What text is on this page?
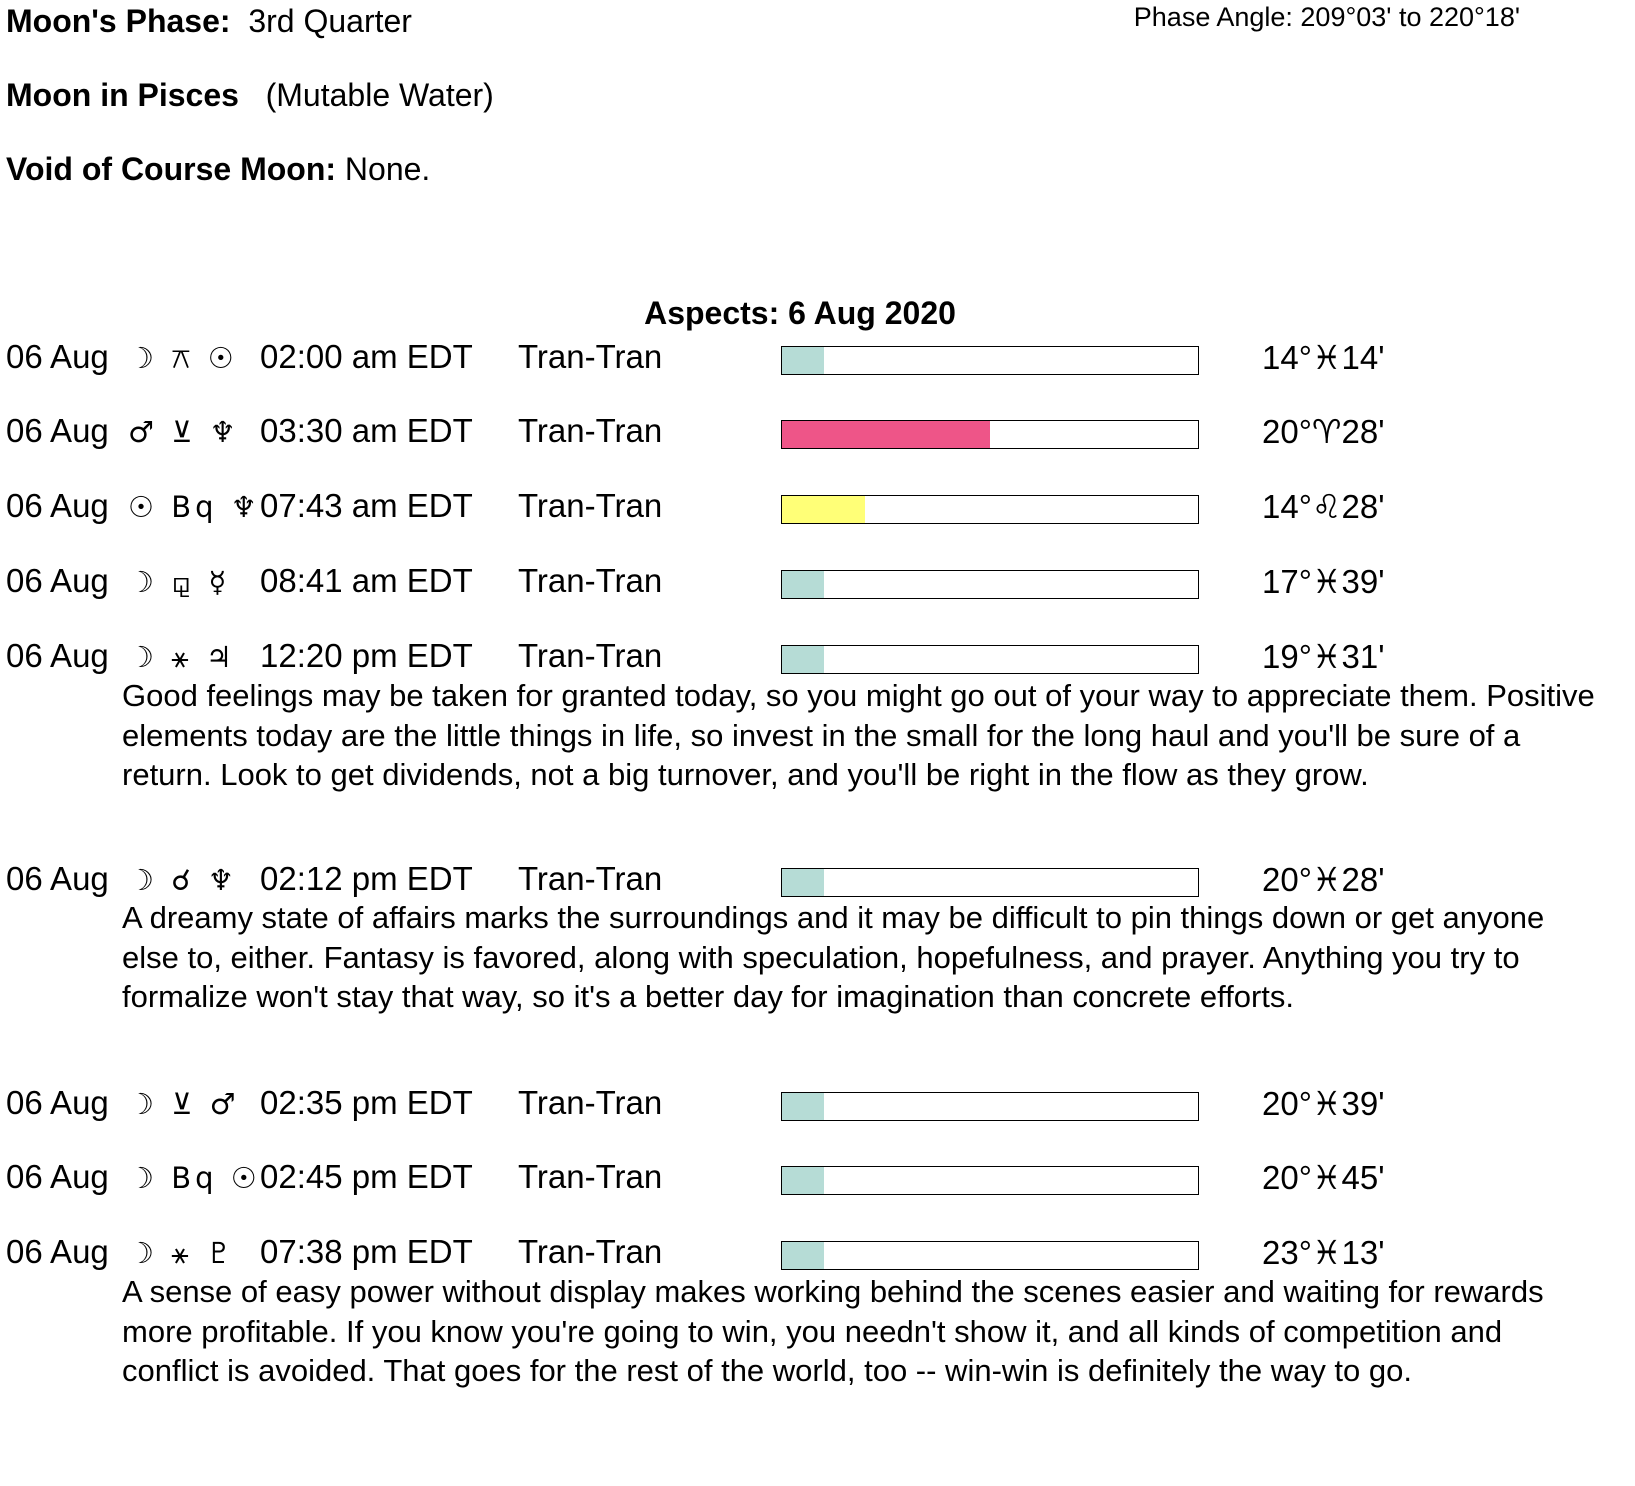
Moon's Phase: 3rd Quarter	Phase Angle: 209°03' to 220°18'
Moon in Pisces (Mutable Water)
Void of Course Moon: None.
Aspects: 6 Aug 2020
06 Aug ☽ ⚻ ☉ 02:00 am EDT Tran-Tran	14°♓14'
06 Aug ♂ ⊻ ♆ 03:30 am EDT Tran-Tran	20°♈28'
06 Aug ☉ Bq ♆ 07:43 am EDT Tran-Tran	14°♌28'
06 Aug ☽ ⚼ ☿ 08:41 am EDT Tran-Tran	17°♓39'
06 Aug ☽ ⚹ ♃ 12:20 pm EDT Tran-Tran	19°♓31'
Good feelings may be taken for granted today, so you might go out of your way to appreciate them. Positive elements today are the little things in life, so invest in the small for the long haul and you'll be sure of a return. Look to get dividends, not a big turnover, and you'll be right in the flow as they grow.
06 Aug ☽ ☌ ♆ 02:12 pm EDT Tran-Tran	20°♓28'
A dreamy state of affairs marks the surroundings and it may be difficult to pin things down or get anyone else to, either. Fantasy is favored, along with speculation, hopefulness, and prayer. Anything you try to formalize won't stay that way, so it's a better day for imagination than concrete efforts.
06 Aug ☽ ⊻ ♂ 02:35 pm EDT Tran-Tran	20°♓39'
06 Aug ☽ Bq ☉ 02:45 pm EDT Tran-Tran	20°♓45'
06 Aug ☽ ⚹ ♇ 07:38 pm EDT Tran-Tran	23°♓13'
A sense of easy power without display makes working behind the scenes easier and waiting for rewards more profitable. If you know you're going to win, you needn't show it, and all kinds of competition and conflict is avoided. That goes for the rest of the world, too -- win-win is definitely the way to go.
